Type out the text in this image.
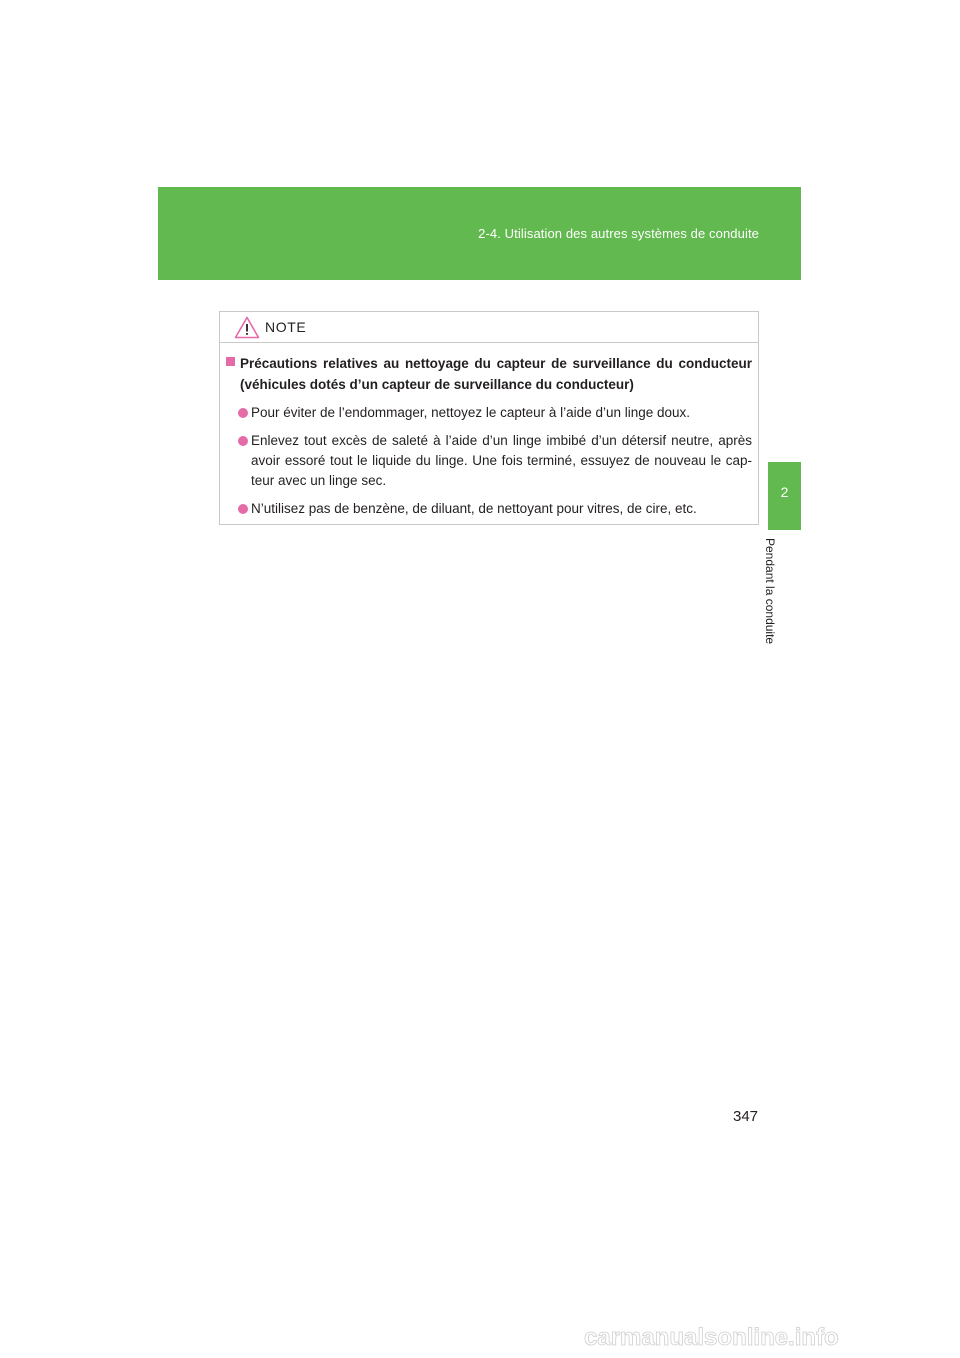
2-4. Utilisation des autres systèmes de conduite
2
Pendant la conduite
NOTE
Précautions relatives au nettoyage du capteur de surveillance du conducteur (véhicules dotés d’un capteur de surveillance du conducteur)
Pour éviter de l’endommager, nettoyez le capteur à l’aide d’un linge doux.
Enlevez tout excès de saleté à l’aide d’un linge imbibé d’un détersif neutre, après avoir essoré tout le liquide du linge. Une fois terminé, essuyez de nouveau le cap-teur avec un linge sec.
N’utilisez pas de benzène, de diluant, de nettoyant pour vitres, de cire, etc.
347
carmanualsonline.info
